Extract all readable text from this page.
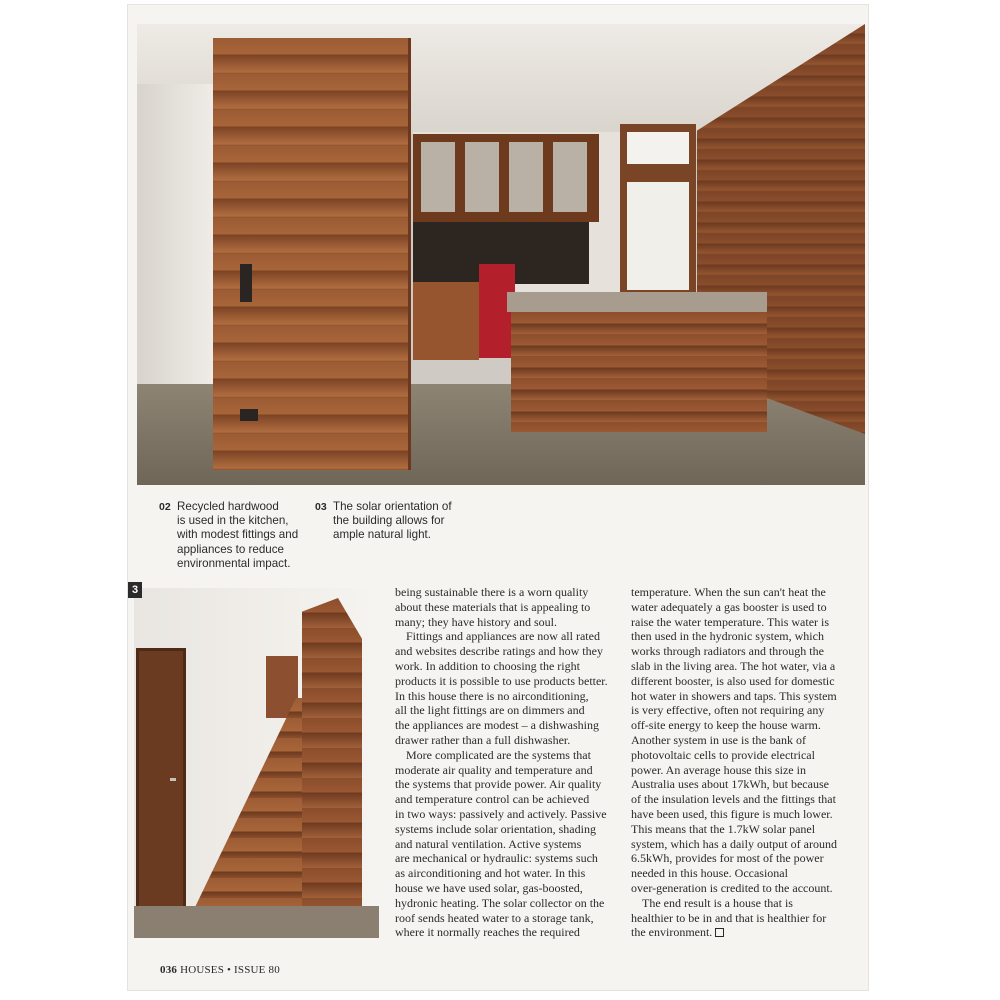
02 Recycled hardwood
is used in the kitchen,
with modest fittings and
appliances to reduce
environmental impact.
03 The solar orientation of
the building allows for
ample natural light.
3	being sustainable there is a worn quality
about these materials that is appealing to
many; they have history and soul.

Fittings and appliances are now all rated
and websites describe ratings and how they
work. In addition to choosing the right
products it is possible to use products better.
In this house there is no airconditioning,
all the light fittings are on dimmers and
the appliances are modest – a dishwashing
drawer rather than a full dishwasher.

More complicated are the systems that
moderate air quality and temperature and
the systems that provide power. Air quality
and temperature control can be achieved
in two ways: passively and actively. Passive
systems include solar orientation, shading
and natural ventilation. Active systems
are mechanical or hydraulic: systems such
as airconditioning and hot water. In this
house we have used solar, gas-boosted,
hydronic heating. The solar collector on the
roof sends heated water to a storage tank,
where it normally reaches the required

temperature. When the sun can't heat the
water adequately a gas booster is used to
raise the water temperature. This water is
then used in the hydronic system, which
works through radiators and through the
slab in the living area. The hot water, via a
different booster, is also used for domestic
hot water in showers and taps. This system
is very effective, often not requiring any
off-site energy to keep the house warm.
Another system in use is the bank of
photovoltaic cells to provide electrical
power. An average house this size in
Australia uses about 17kWh, but because
of the insulation levels and the fittings that
have been used, this figure is much lower.
This means that the 1.7kW solar panel
system, which has a daily output of around
6.5kWh, provides for most of the power
needed in this house. Occasional
over-generation is credited to the account.

The end result is a house that is
healthier to be in and that is healthier for
the environment.

036 HOUSES • ISSUE 80
